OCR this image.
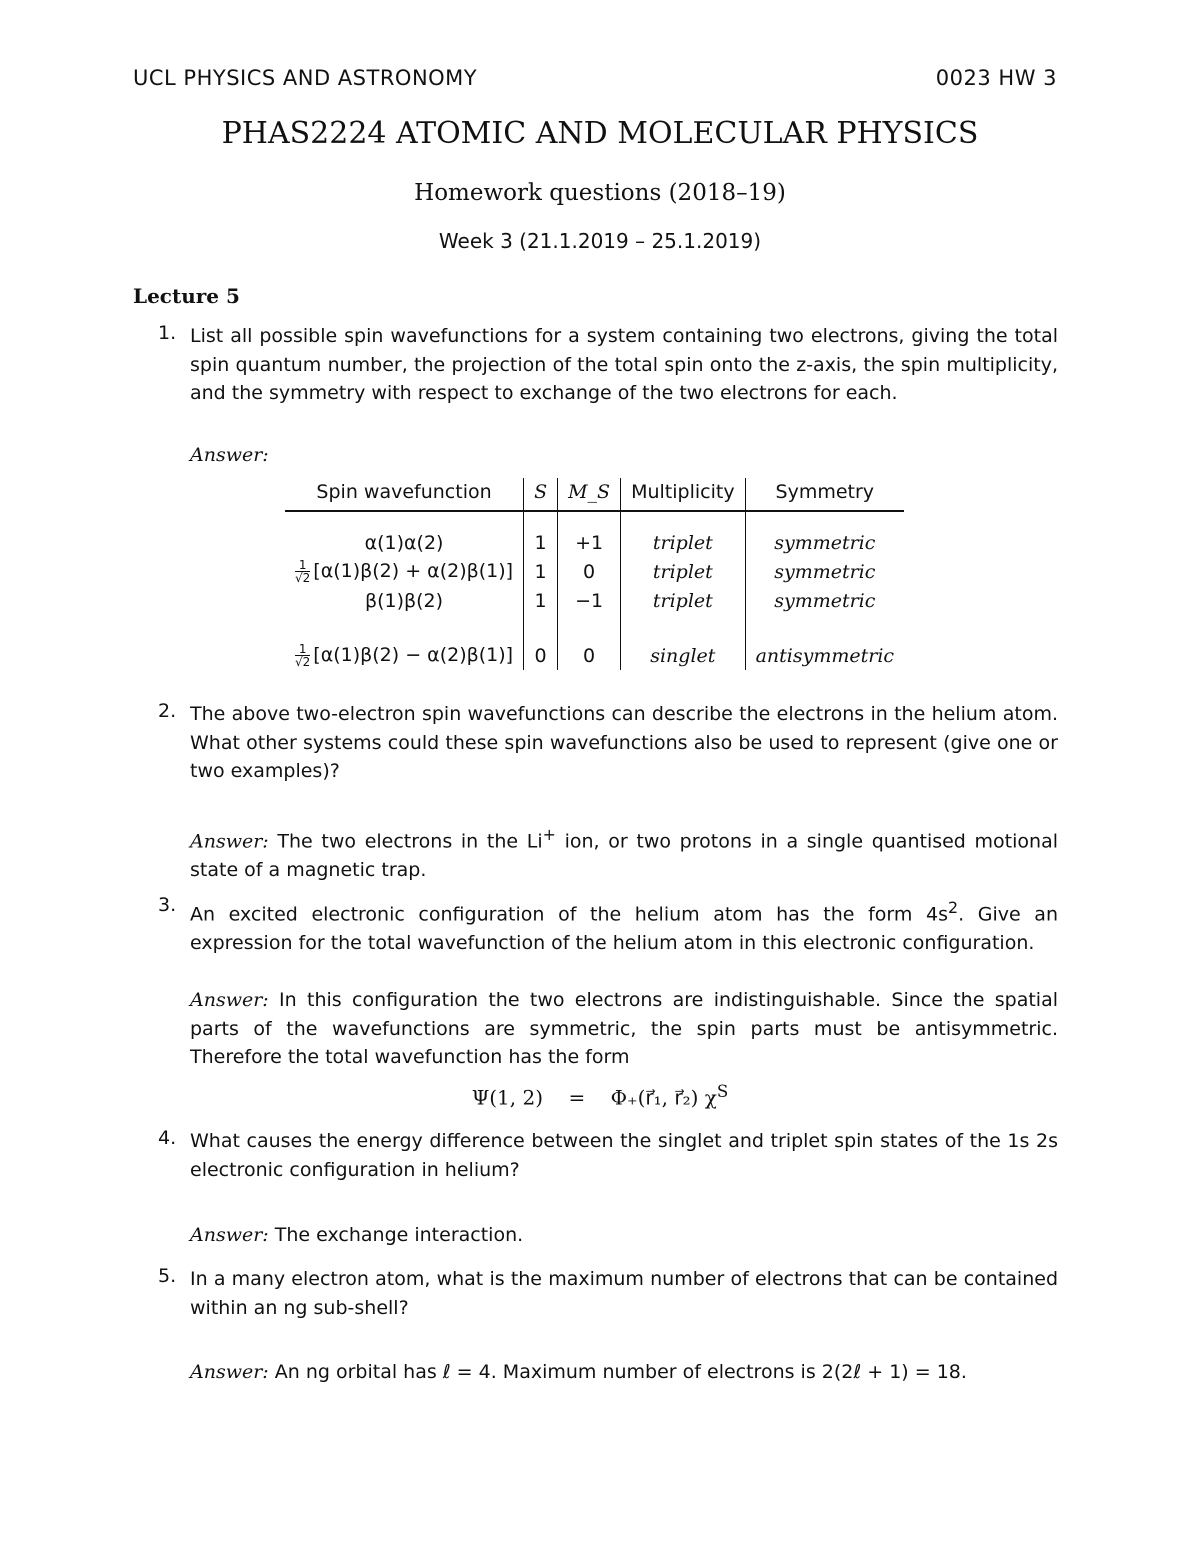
UCL PHYSICS AND ASTRONOMY	0023 HW 3
PHAS2224 ATOMIC AND MOLECULAR PHYSICS
Homework questions (2018–19)
Week 3 (21.1.2019 – 25.1.2019)
Lecture 5
1. List all possible spin wavefunctions for a system containing two electrons, giving the total spin quantum number, the projection of the total spin onto the z-axis, the spin multiplicity, and the symmetry with respect to exchange of the two electrons for each.
Answer:
Spin wavefunction	S	M_S	Multiplicity	Symmetry

α(1)α(2)	1	+1	triplet	symmetric

$\frac{1}{√2} [\alpha(1)\beta(2) + \alpha(2)\beta(1)]$	1	0	triplet	symmetric
β(1)β(2)	1	−1	triplet	symmetric

$\frac{1}{√2} [\alpha(1)\beta(2) - \alpha(2)\beta(1)]$	0	0	singlet	antisymmetric
2. The above two-electron spin wavefunctions can describe the electrons in the helium atom. What other systems could these spin wavefunctions also be used to represent (give one or two examples)?
Answer: The two electrons in the Li+ ion, or two protons in a single quantised motional state of a magnetic trap.
3. An excited electronic configuration of the helium atom has the form $4s^2$. Give an expression for the total wavefunction of the helium atom in this electronic configuration.
Answer: In this configuration the two electrons are indistinguishable. Since the spatial parts of the wavefunctions are symmetric, the spin parts must be antisymmetric. Therefore the total wavefunction has the form
Ψ(1, 2) = Φ₊(r⃗₁, r⃗₂) $\chi^S$
4. What causes the energy difference between the singlet and triplet spin states of the 1s 2s electronic configuration in helium?
Answer: The exchange interaction.
5. In a many electron atom, what is the maximum number of electrons that can be contained within an ng sub-shell?
Answer: An ng orbital has ℓ = 4. Maximum number of electrons is 2(2ℓ + 1) = 18.
